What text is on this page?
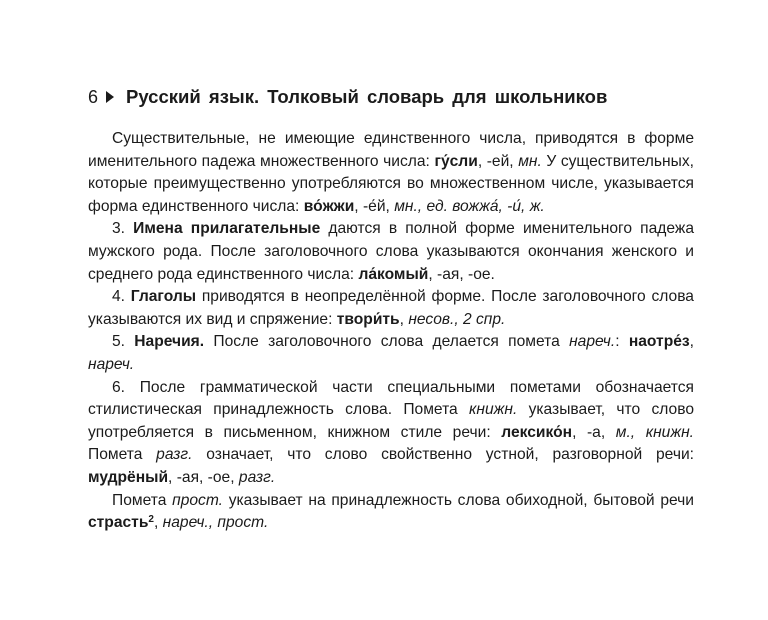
6 Русский язык. Толковый словарь для школьников

Существительные, не имеющие единственного числа, приводятся в форме именительного падежа множественного числа: гу́сли, -ей, мн. У существительных, которые преимущественно употребляются во множественном числе, указывается форма единственного числа: во́жжи, -е́й, мн., ед. вожжа́, -и́, ж.

3. Имена прилагательные даются в полной форме именительного падежа мужского рода. После заголовочного слова указываются окончания женского и среднего рода единственного числа: ла́комый, -ая, -ое.

4. Глаголы приводятся в неопределённой форме. После заголовочного слова указываются их вид и спряжение: твори́ть, несов., 2 спр.

5. Наречия. После заголовочного слова делается помета нареч.: наотре́з, нареч.

6. После грамматической части специальными пометами обозначается стилистическая принадлежность слова. Помета книжн. указывает, что слово употребляется в письменном, книжном стиле речи: лексико́н, -а, м., книжн. Помета разг. означает, что слово свойственно устной, разговорной речи: мудрёный, -ая, -ое, разг.

Помета прост. указывает на принадлежность слова обиходной, бытовой речи страсть$^2$, нареч., прост.
